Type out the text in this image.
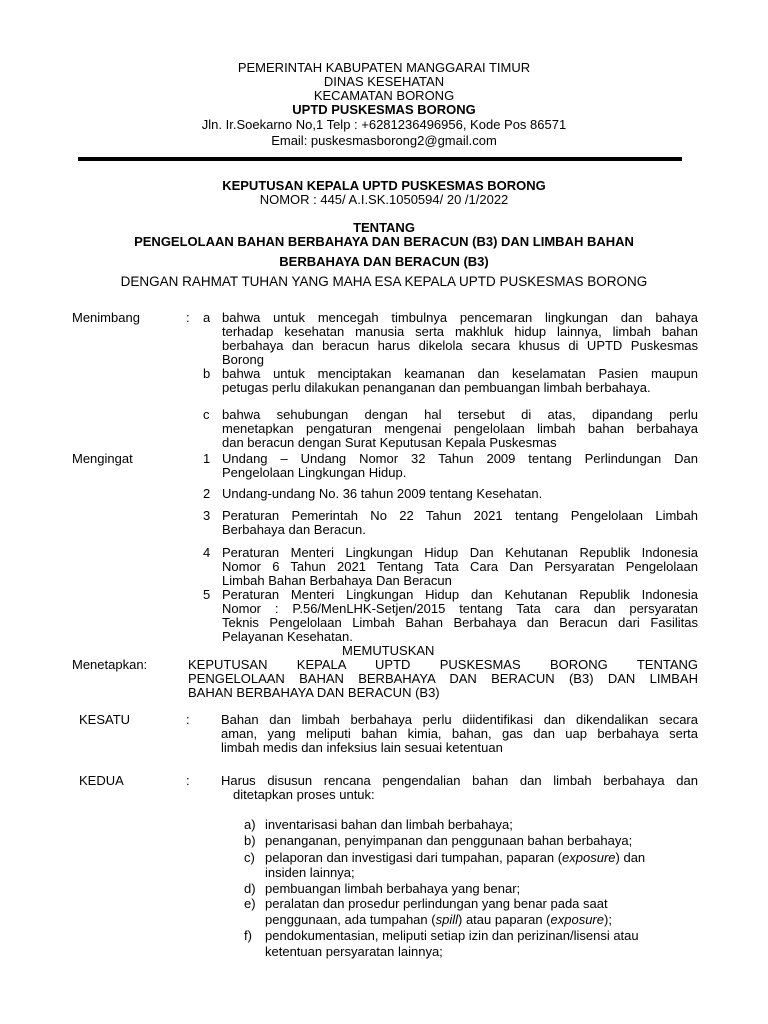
PEMERINTAH KABUPATEN MANGGARAI TIMUR
DINAS KESEHATAN
KECAMATAN BORONG
UPTD PUSKESMAS BORONG
Jln. Ir.Soekarno No,1 Telp : +6281236496956, Kode Pos 86571
Email: puskesmasborong2@gmail.com
KEPUTUSAN KEPALA UPTD PUSKESMAS BORONG
NOMOR : 445/ A.I.SK.1050594/ 20 /1/2022
TENTANG
PENGELOLAAN BAHAN BERBAHAYA DAN BERACUN (B3) DAN LIMBAH BAHAN
BERBAHAYA DAN BERACUN (B3)
DENGAN RAHMAT TUHAN YANG MAHA ESA KEPALA UPTD PUSKESMAS BORONG
Menimbang	: a bahwa untuk mencegah timbulnya pencemaran lingkungan dan bahaya
terhadap kesehatan manusia serta makhluk hidup lainnya, limbah bahan
berbahaya dan beracun harus dikelola secara khusus di UPTD Puskesmas
Borong
b bahwa untuk menciptakan keamanan dan keselamatan Pasien maupun
petugas perlu dilakukan penanganan dan pembuangan limbah berbahaya.
c bahwa sehubungan dengan hal tersebut di atas, dipandang perlu
menetapkan pengaturan mengenai pengelolaan limbah bahan berbahaya
dan beracun dengan Surat Keputusan Kepala Puskesmas
Mengingat	1 Undang – Undang Nomor 32 Tahun 2009 tentang Perlindungan Dan
Pengelolaan Lingkungan Hidup.
2 Undang-undang No. 36 tahun 2009 tentang Kesehatan.
3 Peraturan Pemerintah No 22 Tahun 2021 tentang Pengelolaan Limbah
Berbahaya dan Beracun.
4 Peraturan Menteri Lingkungan Hidup Dan Kehutanan Republik Indonesia
Nomor 6 Tahun 2021 Tentang Tata Cara Dan Persyaratan Pengelolaan
Limbah Bahan Berbahaya Dan Beracun
5 Peraturan Menteri Lingkungan Hidup dan Kehutanan Republik Indonesia
Nomor : P.56/MenLHK-Setjen/2015 tentang Tata cara dan persyaratan
Teknis Pengelolaan Limbah Bahan Berbahaya dan Beracun dari Fasilitas
Pelayanan Kesehatan.
MEMUTUSKAN
Menetapkan:	KEPUTUSAN KEPALA UPTD PUSKESMAS BORONG TENTANG
PENGELOLAAN BAHAN BERBAHAYA DAN BERACUN (B3) DAN LIMBAH
BAHAN BERBAHAYA DAN BERACUN (B3)
KESATU	: Bahan dan limbah berbahaya perlu diidentifikasi dan dikendalikan secara
aman, yang meliputi bahan kimia, bahan, gas dan uap berbahaya serta
limbah medis dan infeksius lain sesuai ketentuan
KEDUA	: Harus disusun rencana pengendalian bahan dan limbah berbahaya dan
ditetapkan proses untuk:
a) inventarisasi bahan dan limbah berbahaya;
b) penanganan, penyimpanan dan penggunaan bahan berbahaya;
c) pelaporan dan investigasi dari tumpahan, paparan (exposure) dan
insiden lainnya;
d) pembuangan limbah berbahaya yang benar;
e) peralatan dan prosedur perlindungan yang benar pada saat
penggunaan, ada tumpahan (spill) atau paparan (exposure);
f) pendokumentasian, meliputi setiap izin dan perizinan/lisensi atau
ketentuan persyaratan lainnya;
